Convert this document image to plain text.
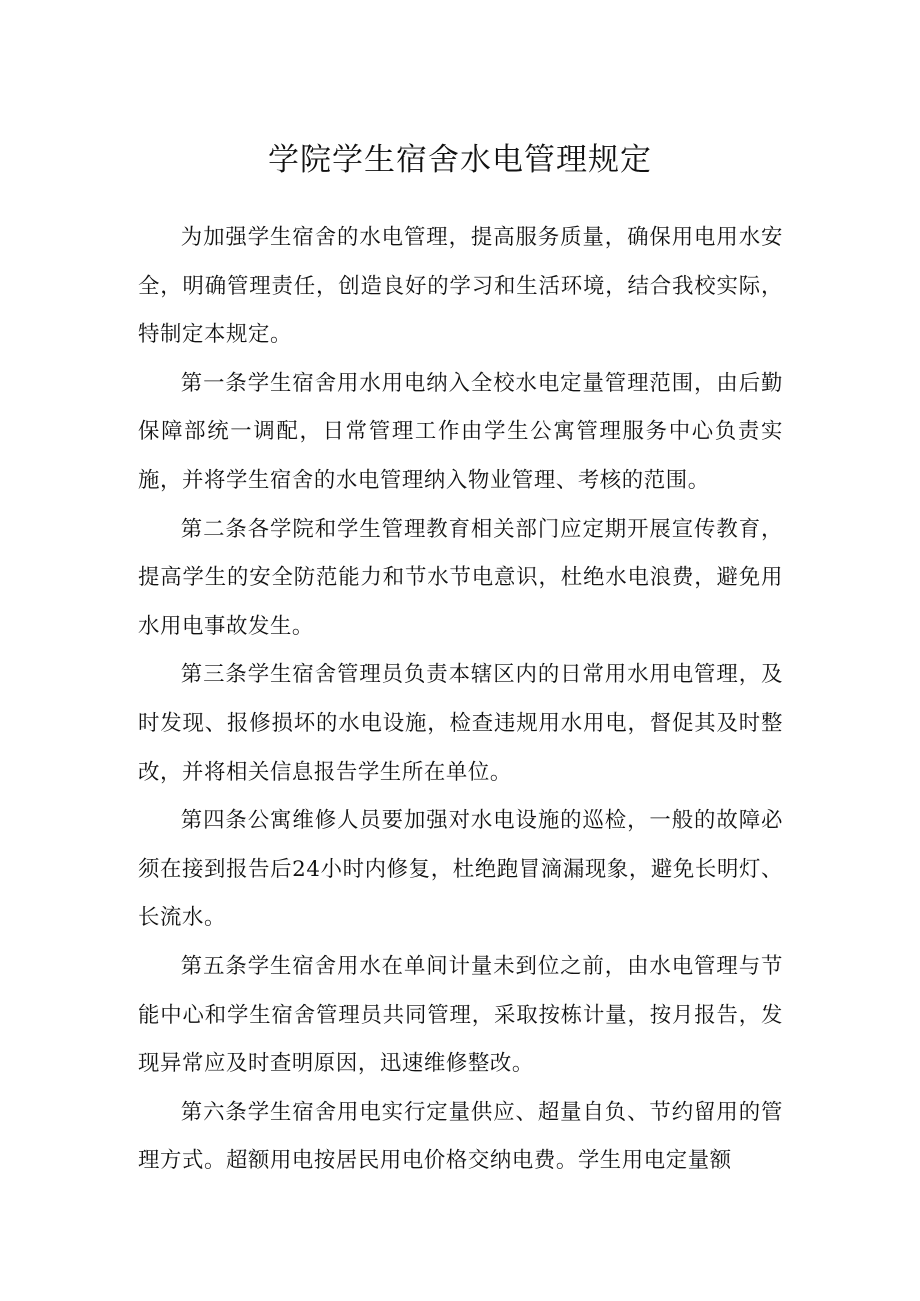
学院学生宿舍水电管理规定

为加强学生宿舍的水电管理，提高服务质量，确保用电用水安全，明确管理责任，创造良好的学习和生活环境，结合我校实际，特制定本规定。

第一条学生宿舍用水用电纳入全校水电定量管理范围，由后勤保障部统一调配，日常管理工作由学生公寓管理服务中心负责实施，并将学生宿舍的水电管理纳入物业管理、考核的范围。

第二条各学院和学生管理教育相关部门应定期开展宣传教育，提高学生的安全防范能力和节水节电意识，杜绝水电浪费，避免用水用电事故发生。

第三条学生宿舍管理员负责本辖区内的日常用水用电管理，及时发现、报修损坏的水电设施，检查违规用水用电，督促其及时整改，并将相关信息报告学生所在单位。

第四条公寓维修人员要加强对水电设施的巡检，一般的故障必须在接到报告后24小时内修复，杜绝跑冒滴漏现象，避免长明灯、长流水。

第五条学生宿舍用水在单间计量未到位之前，由水电管理与节能中心和学生宿舍管理员共同管理，采取按栋计量，按月报告，发现异常应及时查明原因，迅速维修整改。

第六条学生宿舍用电实行定量供应、超量自负、节约留用的管理方式。超额用电按居民用电价格交纳电费。学生用电定量额
